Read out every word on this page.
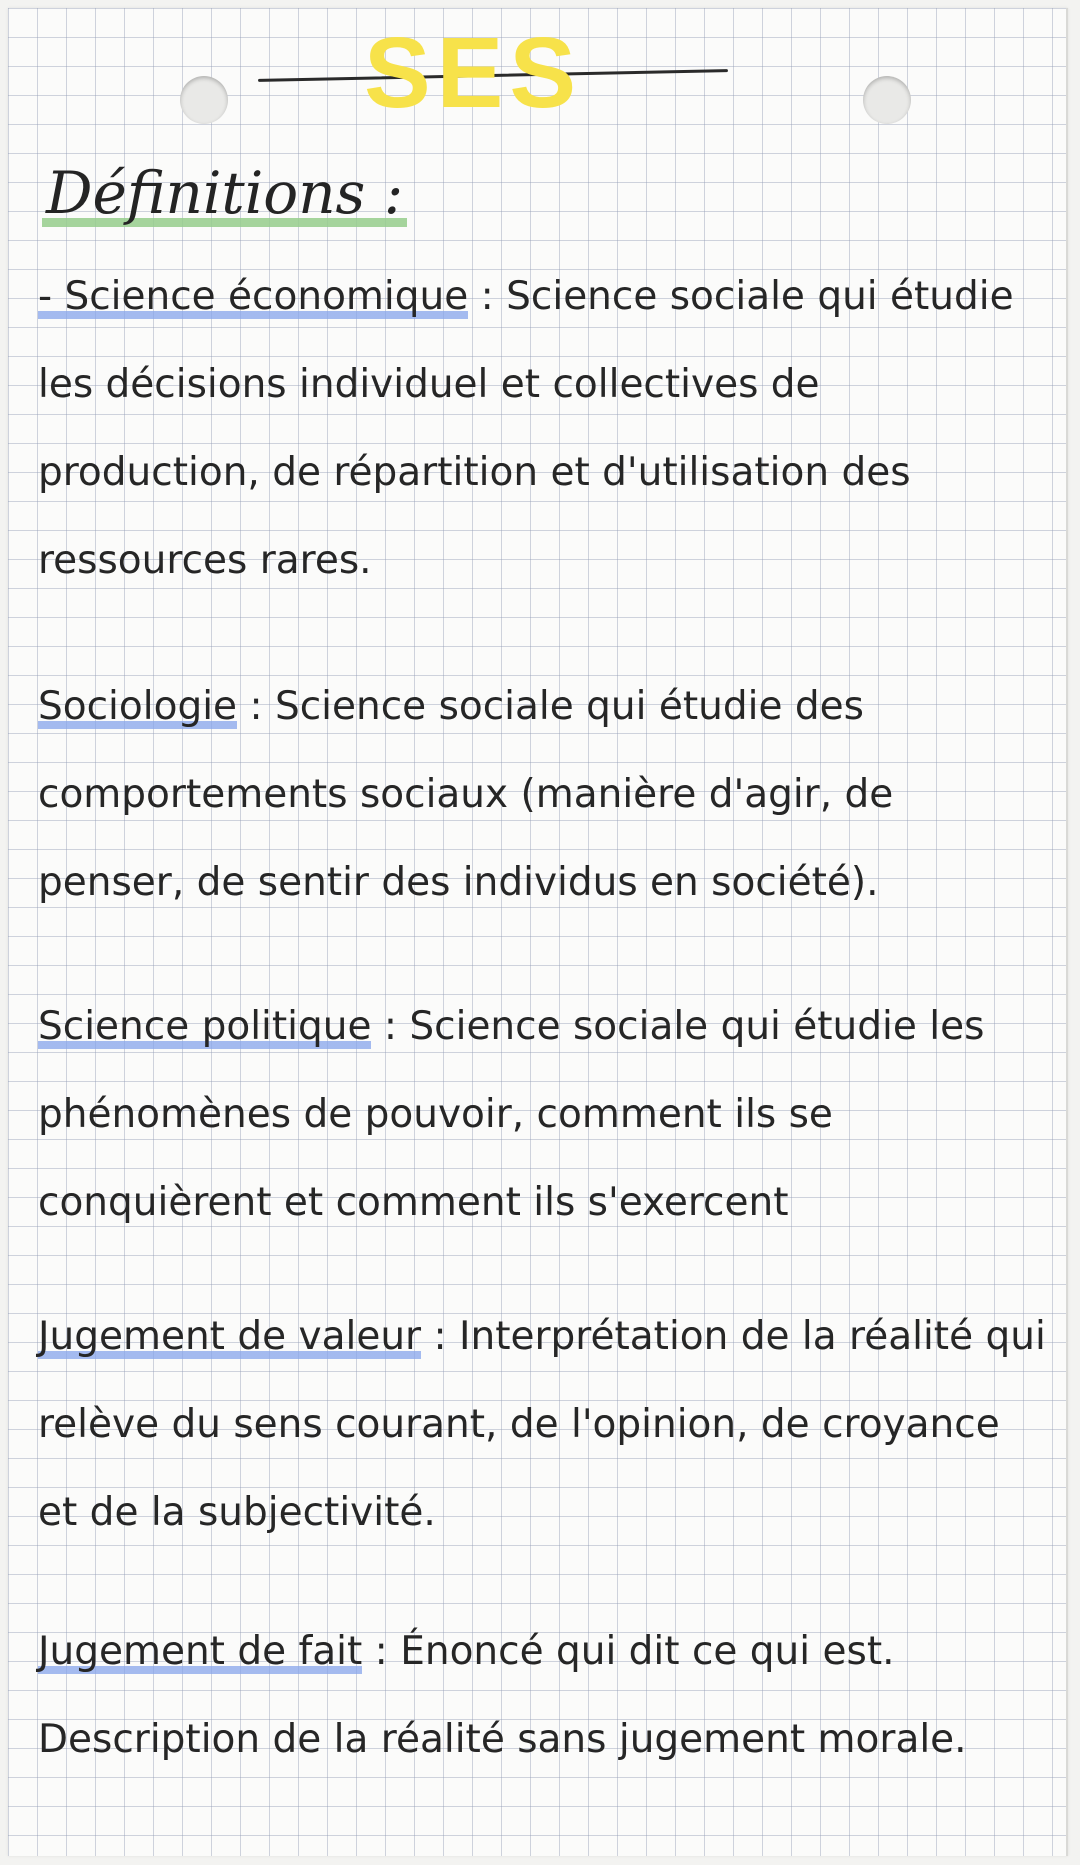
SES
Définitions :
- Science économique : Science sociale qui étudie les décisions individuel et collectives de production, de répartition et d'utilisation des ressources rares.
Sociologie : Science sociale qui étudie des comportements sociaux (manière d'agir, de penser, de sentir des individus en société).
Science politique : Science sociale qui étudie les phénomènes de pouvoir, comment ils se conquièrent et comment ils s'exercent
Jugement de valeur : Interprétation de la réalité qui relève du sens courant, de l'opinion, de croyance et de la subjectivité.
Jugement de fait : Énoncé qui dit ce qui est. Description de la réalité sans jugement morale.
